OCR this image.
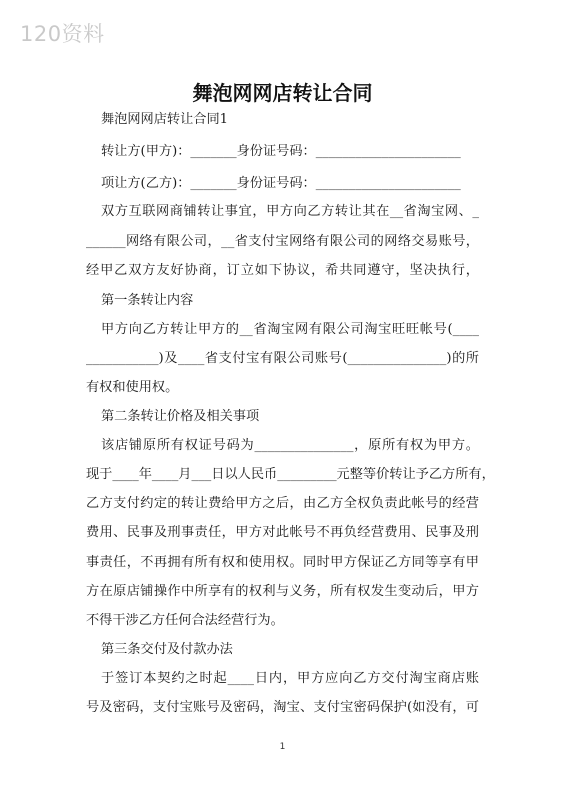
120资料
舞泡网网店转让合同
舞泡网网店转让合同1
转让方(甲方)：_______身份证号码：______________________
项让方(乙方)：_______身份证号码：______________________
双方互联网商铺转让事宜，甲方向乙方转让其在__省淘宝网、_
______网络有限公司，__省支付宝网络有限公司的网络交易账号，
经甲乙双方友好协商，订立如下协议，希共同遵守，坚决执行，
第一条转让内容
甲方向乙方转让甲方的__省淘宝网有限公司淘宝旺旺帐号(____
___________)及____省支付宝有限公司账号(_______________)的所
有权和使用权。
第二条转让价格及相关事项
该店铺原所有权证号码为_______________，原所有权为甲方。
现于____年____月___日以人民币_________元整等价转让予乙方所有，
乙方支付约定的转让费给甲方之后，由乙方全权负责此帐号的经营
费用、民事及刑事责任，甲方对此帐号不再负经营费用、民事及刑
事责任，不再拥有所有权和使用权。同时甲方保证乙方同等享有甲
方在原店铺操作中所享有的权利与义务，所有权发生变动后，甲方
不得干涉乙方任何合法经营行为。
第三条交付及付款办法
于签订本契约之时起____日内，甲方应向乙方交付淘宝商店账
号及密码，支付宝账号及密码，淘宝、支付宝密码保护(如没有，可
1
